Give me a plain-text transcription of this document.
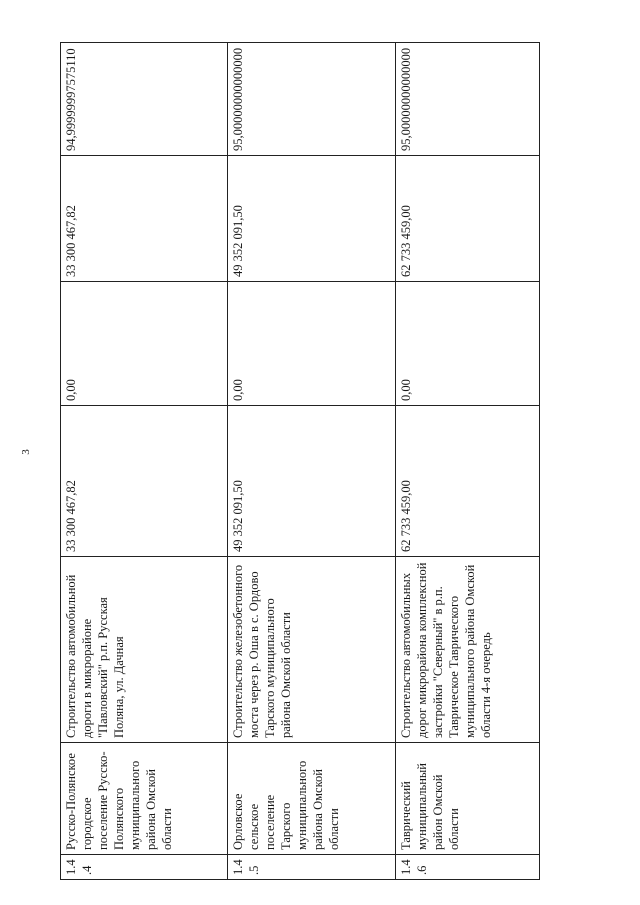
3
1.4.4	Русско-Полянское городское поселение Русско-Полянского муниципального района Омской области	Строительство автомобильной дороги в микрорайоне "Павловский" р.п. Русская Поляна, ул. Дачная	33 300 467,82	0,00	33 300 467,82	94,99999997575110
1.4.5	Орловское сельское поселение Тарского муниципального района Омской области	Строительство железобетонного моста через р. Оша в с. Ордово Тарского муниципального района Омской области	49 352 091,50	0,00	49 352 091,50	95,00000000000000
1.4.6	Таврический муниципальный район Омской области	Строительство автомобильных дорог микрорайона комплексной застройки "Северный" в р.п. Таврическое Таврического муниципального района Омской области 4-я очередь	62 733 459,00	0,00	62 733 459,00	95,00000000000000
